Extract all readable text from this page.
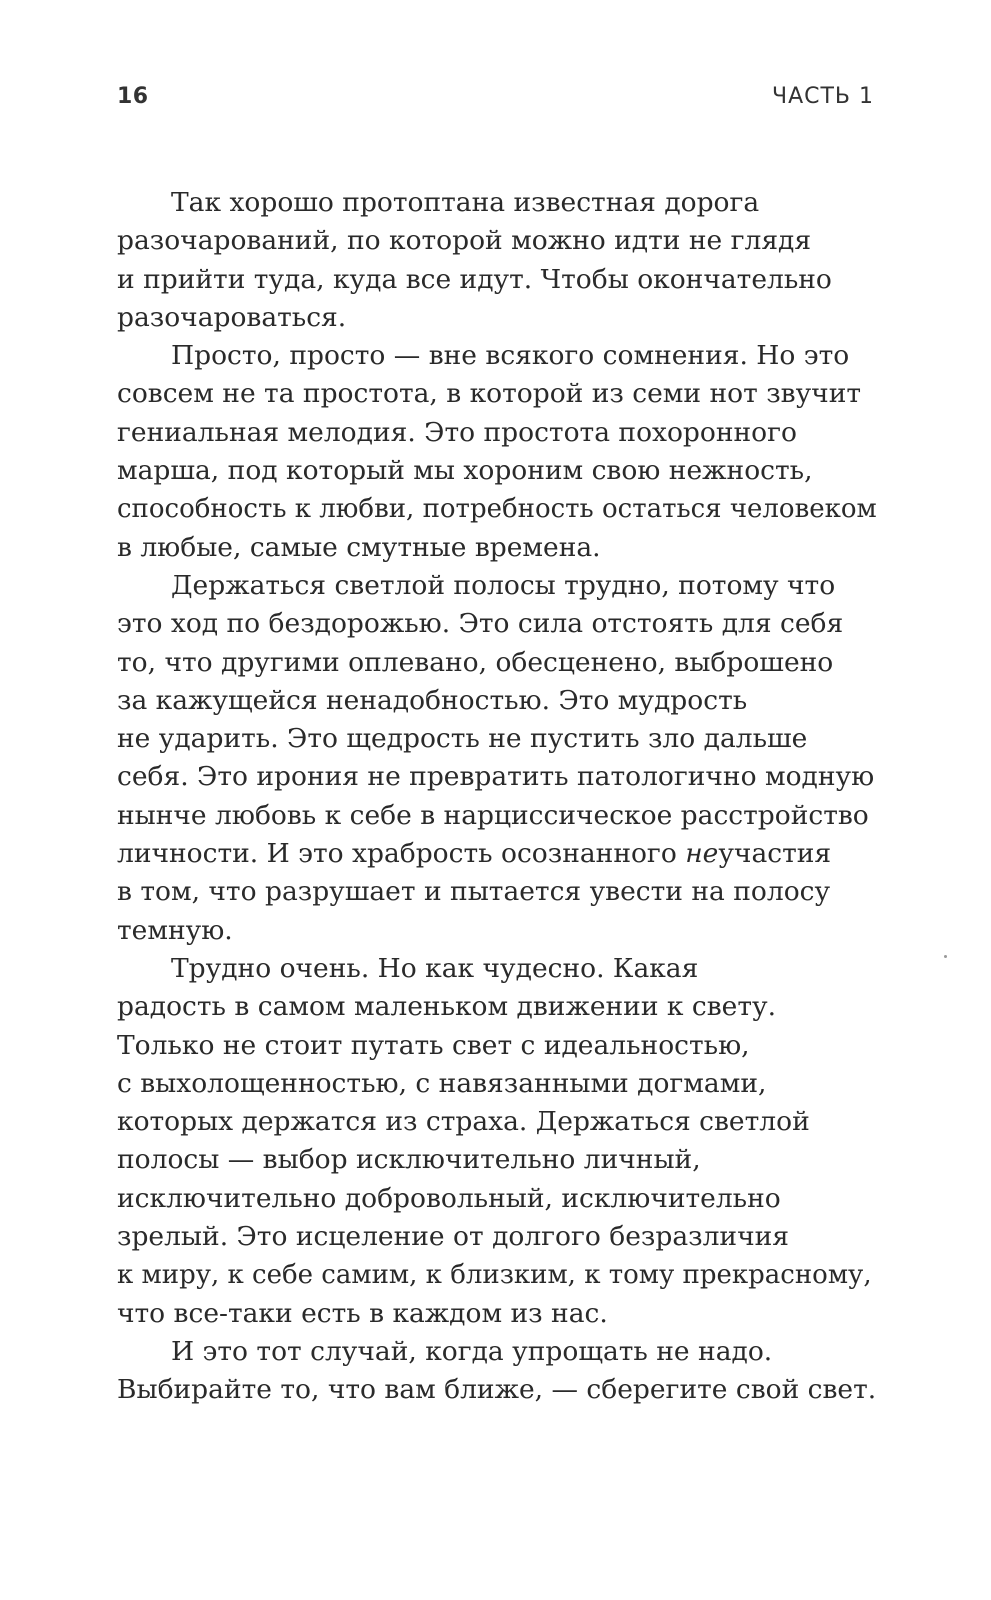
16	ЧАСТЬ 1
Так хорошо протоптана известная дорога
разочарований, по которой можно идти не глядя
и прийти туда, куда все идут. Чтобы окончательно
разочароваться.
Просто, просто — вне всякого сомнения. Но это
совсем не та простота, в которой из семи нот звучит
гениальная мелодия. Это простота похоронного
марша, под который мы хороним свою нежность,
способность к любви, потребность остаться человеком
в любые, самые смутные времена.
Держаться светлой полосы трудно, потому что
это ход по бездорожью. Это сила отстоять для себя
то, что другими оплевано, обесценено, выброшено
за кажущейся ненадобностью. Это мудрость
не ударить. Это щедрость не пустить зло дальше
себя. Это ирония не превратить патологично модную
нынче любовь к себе в нарциссическое расстройство
личности. И это храбрость осознанного неучастия
в том, что разрушает и пытается увести на полосу
темную.
Трудно очень. Но как чудесно. Какая
радость в самом маленьком движении к свету.
Только не стоит путать свет с идеальностью,
с выхолощенностью, с навязанными догмами,
которых держатся из страха. Держаться светлой
полосы — выбор исключительно личный,
исключительно добровольный, исключительно
зрелый. Это исцеление от долгого безразличия
к миру, к себе самим, к близким, к тому прекрасному,
что все-таки есть в каждом из нас.
И это тот случай, когда упрощать не надо.
Выбирайте то, что вам ближе, — сберегите свой свет.
